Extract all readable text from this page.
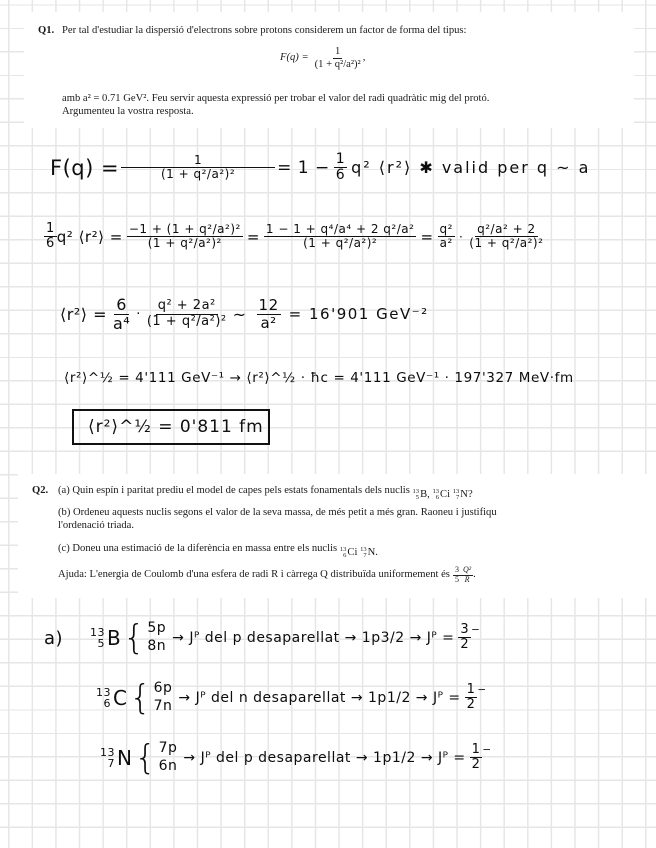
Q1. Per tal d'estudiar la dispersió d'electrons sobre protons considerem un factor de forma del tipus:
$F(q) = \frac{1}{\text{(1 + q²/a²)²}}$ ,
amb a² = 0.71 GeV². Feu servir aquesta expressió per trobar el valor del radi quadràtic mig del protó.
Argumenteu la vostra resposta.
$F(q) = \frac{1}{\text{(1 + q²/a²)²}} = 1 - \frac{1}{6} q^2$ ⟨r²⟩ ✱ valid per q ~ a
$\frac{1}{6} q^2$ ⟨r²⟩ = $\frac{\text{−1 + (1 + q²/a²)²}}{\text{(1 + q²/a²)²}} = \frac{\text{1 − 1 + q⁴/a⁴ + 2 q²/a²}}{\text{(1 + q²/a²)²}} = \frac{\text{q²}}{\text{a²}} \cdot \frac{\text{q²/a² + 2}}{\text{(1 + q²/a²)²}}$
⟨r²⟩ = $\frac{6}{\text{a⁴}} \cdot \frac{\text{q² + 2a²}}{\text{(1 + q²/a²)²}}$ ~ $\frac{12}{\text{a²}} = 16'901$ GeV⁻²
⟨r²⟩^½ = 4'111 GeV⁻¹ → ⟨r²⟩^½ · ħc = 4'111 GeV⁻¹ · 197'327 MeV·fm
⟨r²⟩^½ = 0'811 fm
Q2. (a) Quin espín i paritat prediu el model de capes pels estats fonamentals dels nuclis 13
5 B ,
13
6 C i
13
7 N ?
(b) Ordeneu aquests nuclis segons el valor de la seva massa, de més petit a més gran. Raoneu i justifiqu
l'ordenació triada.
(c) Doneu una estimació de la diferència en massa entre els nuclis 13
6 C i
13
7 N .
Ajuda: L'energia de Coulomb d'una esfera de radi R i càrrega Q distribuïda uniformement és $\frac{3}{5} \frac{\text{Q²}}{R}$ .
a) 13
5 B { 5p
8n → Jᴾ del p desaparellat → 1p3/2 → Jᴾ = $\frac{3}{2}^-$
13
6 C { 6p
7n → Jᴾ del n desaparellat → 1p1/2 → Jᴾ = $\frac{1}{2}^-$
13
7 N { 7p
6n → Jᴾ del p desaparellat → 1p1/2 → Jᴾ = $\frac{1}{2}^-$
